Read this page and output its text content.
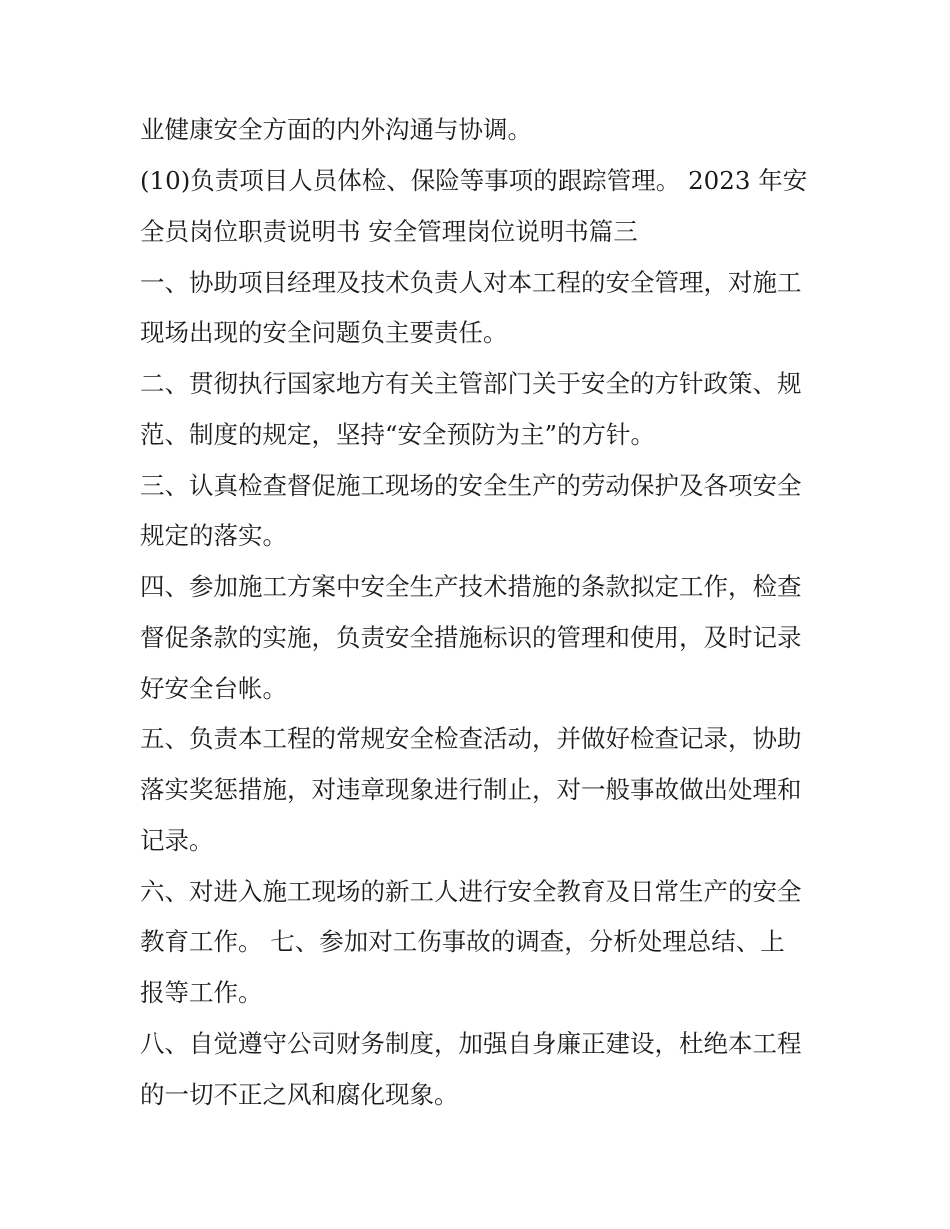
业健康安全方面的内外沟通与协调。
(10)负责项目人员体检、保险等事项的跟踪管理。 2023 年安
全员岗位职责说明书 安全管理岗位说明书篇三
一、协助项目经理及技术负责人对本工程的安全管理，对施工
现场出现的安全问题负主要责任。
二、贯彻执行国家地方有关主管部门关于安全的方针政策、规
范、制度的规定，坚持“安全预防为主”的方针。
三、认真检查督促施工现场的安全生产的劳动保护及各项安全
规定的落实。
四、参加施工方案中安全生产技术措施的条款拟定工作，检查
督促条款的实施，负责安全措施标识的管理和使用，及时记录
好安全台帐。
五、负责本工程的常规安全检查活动，并做好检查记录，协助
落实奖惩措施，对违章现象进行制止，对一般事故做出处理和
记录。
六、对进入施工现场的新工人进行安全教育及日常生产的安全
教育工作。 七、参加对工伤事故的调查，分析处理总结、上
报等工作。
八、自觉遵守公司财务制度，加强自身廉正建设，杜绝本工程
的一切不正之风和腐化现象。
